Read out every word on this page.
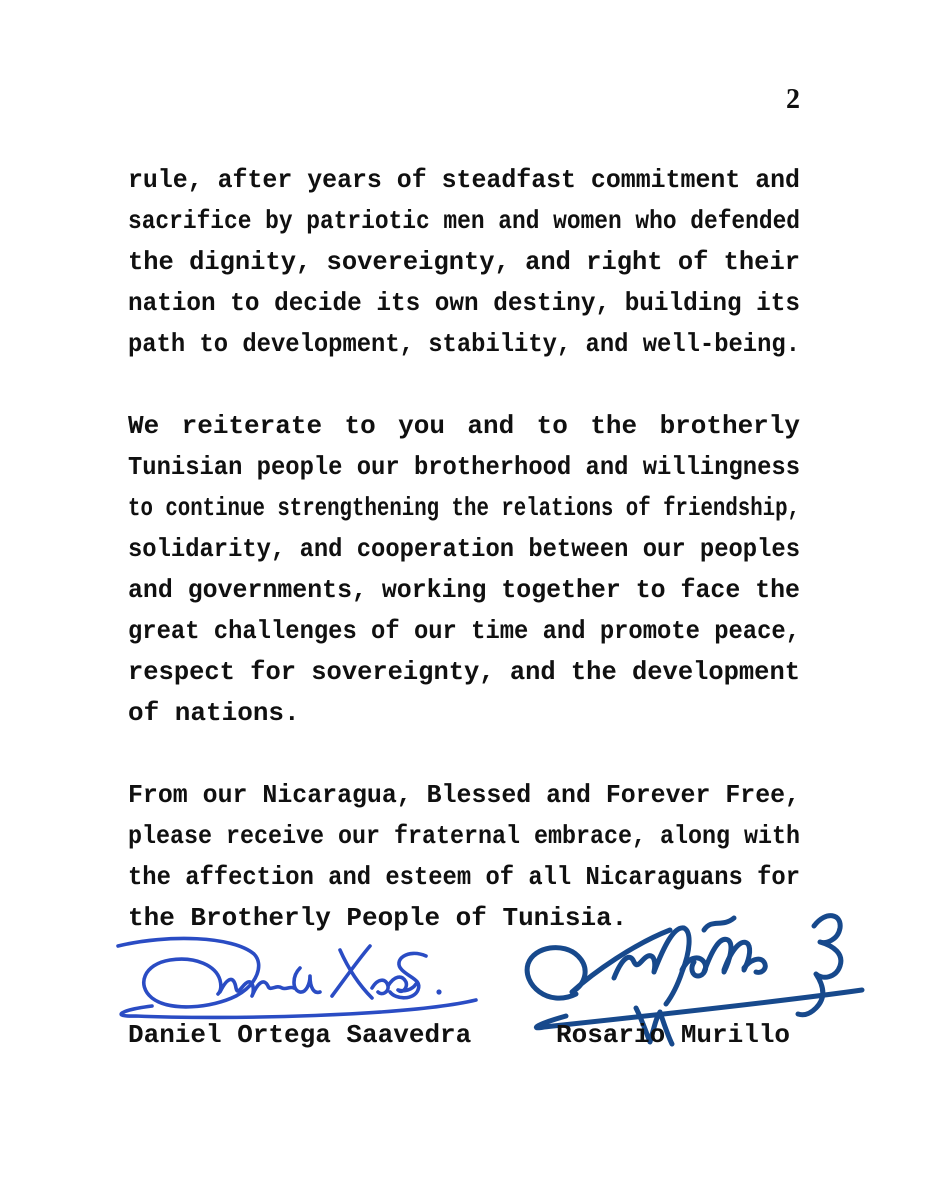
2
rule, after years of steadfast commitment and
sacrifice by patriotic men and women who defended
the dignity, sovereignty, and right of their
nation to decide its own destiny, building its
path to development, stability, and well-being.
We reiterate to you and to the brotherly
Tunisian people our brotherhood and willingness
to continue strengthening the relations of friendship,
solidarity, and cooperation between our peoples
and governments, working together to face the
great challenges of our time and promote peace,
respect for sovereignty, and the development
of nations.
From our Nicaragua, Blessed and Forever Free,
please receive our fraternal embrace, along with
the affection and esteem of all Nicaraguans for
the Brotherly People of Tunisia.
Daniel Ortega Saavedra	Rosario Murillo
